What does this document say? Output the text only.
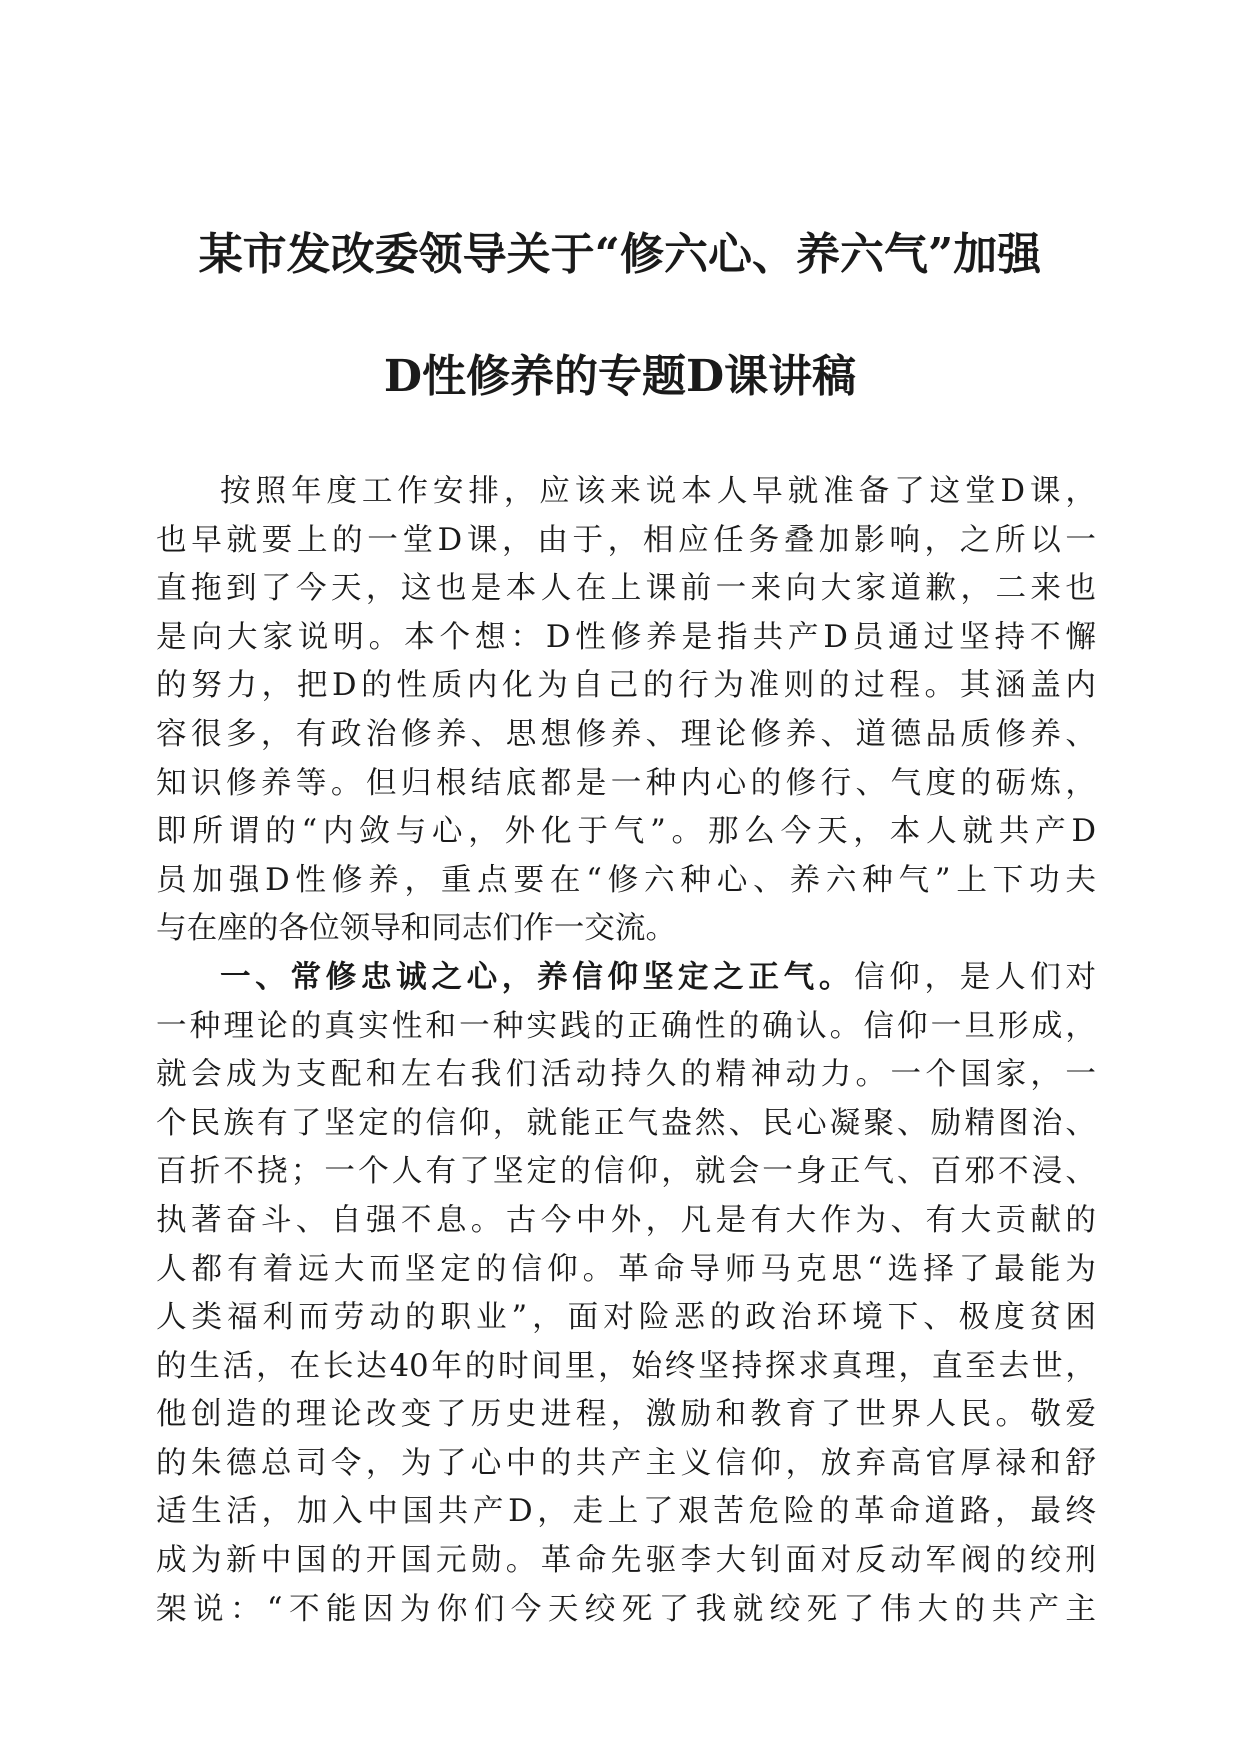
某市发改委领导关于“修六心、养六气”加强
D性修养的专题D课讲稿
按照年度工作安排，应该来说本人早就准备了这堂D课，
也早就要上的一堂D课，由于，相应任务叠加影响，之所以一
直拖到了今天，这也是本人在上课前一来向大家道歉，二来也
是向大家说明。本个想：D性修养是指共产D员通过坚持不懈
的努力，把D的性质内化为自己的行为准则的过程。其涵盖内
容很多，有政治修养、思想修养、理论修养、道德品质修养、
知识修养等。但归根结底都是一种内心的修行、气度的砺炼，
即所谓的“内敛与心，外化于气”。那么今天，本人就共产D
员加强D性修养，重点要在“修六种心、养六种气”上下功夫
与在座的各位领导和同志们作一交流。
一、常修忠诚之心，养信仰坚定之正气。信仰，是人们对
一种理论的真实性和一种实践的正确性的确认。信仰一旦形成，
就会成为支配和左右我们活动持久的精神动力。一个国家，一
个民族有了坚定的信仰，就能正气盎然、民心凝聚、励精图治、
百折不挠；一个人有了坚定的信仰，就会一身正气、百邪不浸、
执著奋斗、自强不息。古今中外，凡是有大作为、有大贡献的
人都有着远大而坚定的信仰。革命导师马克思“选择了最能为
人类福利而劳动的职业”，面对险恶的政治环境下、极度贫困
的生活，在长达40年的时间里，始终坚持探求真理，直至去世，
他创造的理论改变了历史进程，激励和教育了世界人民。敬爱
的朱德总司令，为了心中的共产主义信仰，放弃高官厚禄和舒
适生活，加入中国共产D，走上了艰苦危险的革命道路，最终
成为新中国的开国元勋。革命先驱李大钊面对反动军阀的绞刑
架说：“不能因为你们今天绞死了我就绞死了伟大的共产主
